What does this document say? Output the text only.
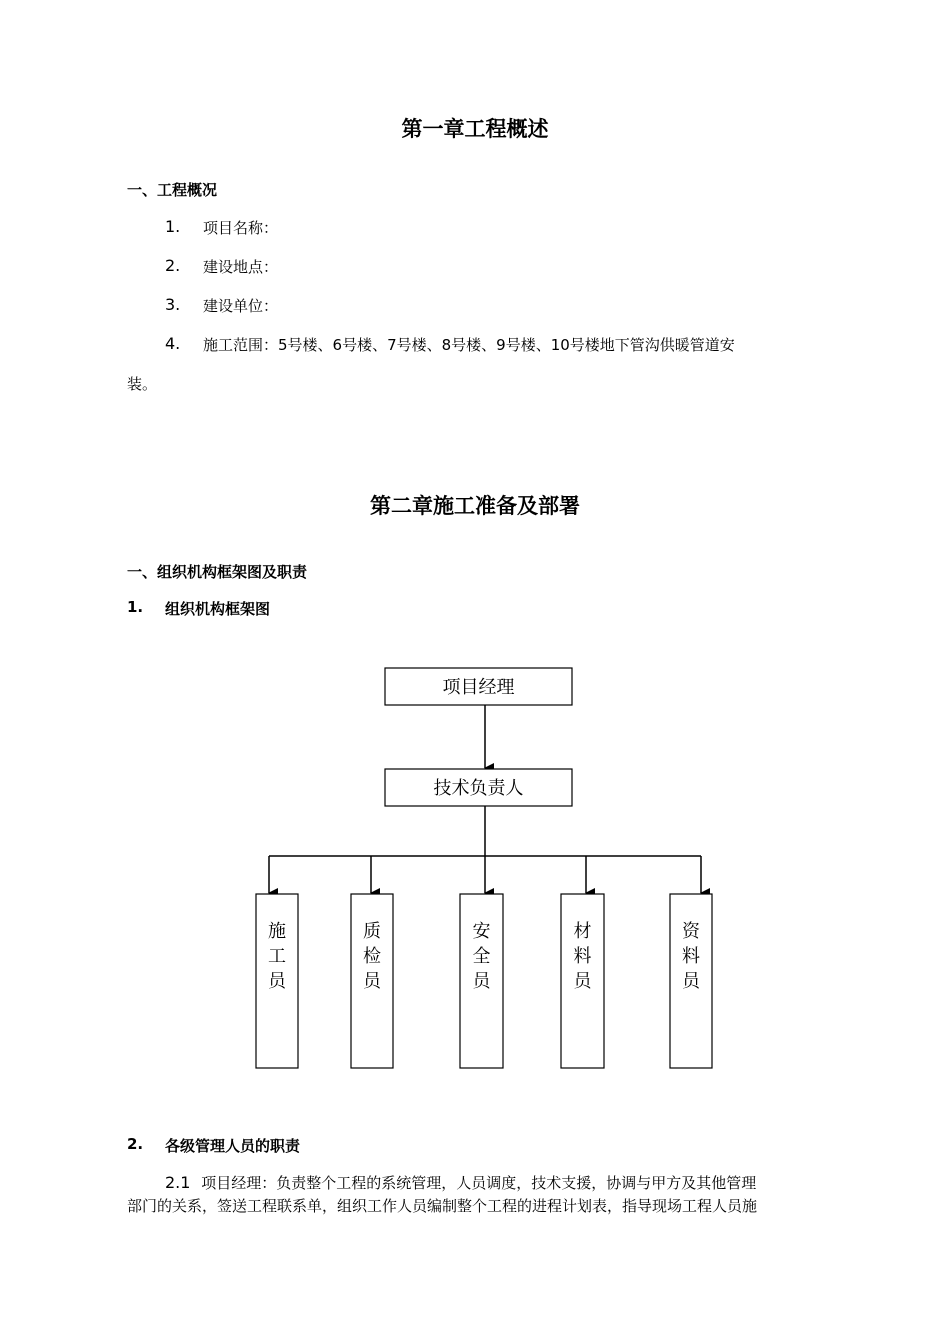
第一章工程概述
一、工程概况
1. 项目名称：
2. 建设地点：
3. 建设单位：
4. 施工范围：5号楼、6号楼、7号楼、8号楼、9号楼、10号楼地下管沟供暖管道安
装。
第二章施工准备及部署
一、组织机构框架图及职责
1. 组织机构框架图
项目经理
技术负责人
施
工
员
质
检
员
安
全
员
材
料
员
资
料
员
2. 各级管理人员的职责
2.1 项目经理：负责整个工程的系统管理，人员调度，技术支援，协调与甲方及其他管理
部门的关系，签送工程联系单，组织工作人员编制整个工程的进程计划表，指导现场工程人员施
